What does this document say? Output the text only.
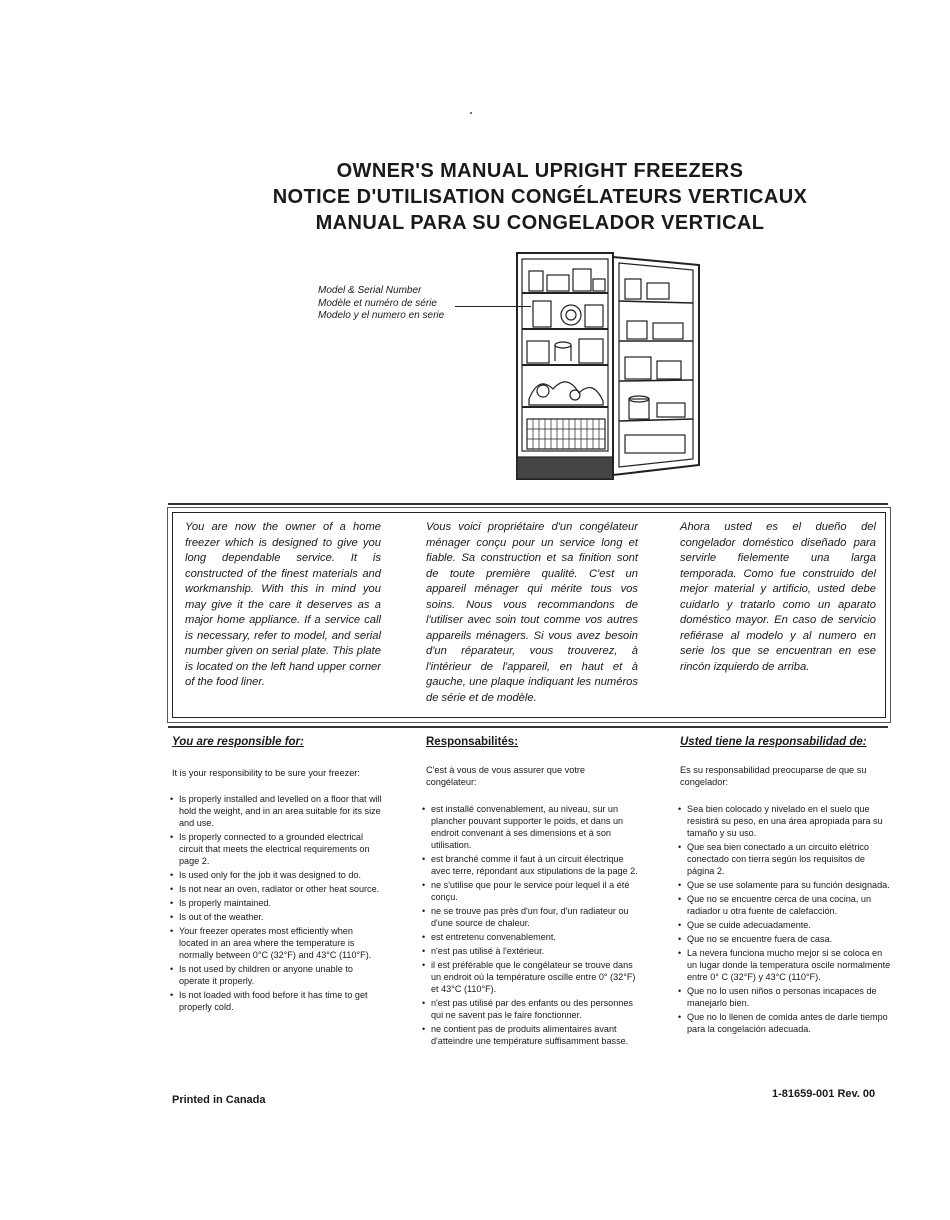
OWNER'S MANUAL UPRIGHT FREEZERS
NOTICE D'UTILISATION CONGÉLATEURS VERTICAUX
MANUAL PARA SU CONGELADOR VERTICAL
Model & Serial Number
Modèle et numéro de série
Modelo y el numero en serie
You are now the owner of a home freezer which is designed to give you long dependable service. It is constructed of the finest materials and workmanship. With this in mind you may give it the care it deserves as a major home appliance. If a service call is necessary, refer to model, and serial number given on serial plate. This plate is located on the left hand upper corner of the food liner.
Vous voici propriétaire d'un congélateur ménager conçu pour un service long et fiable. Sa construction et sa finition sont de toute première qualité. C'est un appareil ménager qui mérite tous vos soins. Nous vous recommandons de l'utiliser avec soin tout comme vos autres appareils ménagers. Si vous avez besoin d'un réparateur, vous trouverez, à l'intérieur de l'appareil, en haut et à gauche, une plaque indiquant les numéros de série et de modèle.
Ahora usted es el dueño del congelador doméstico diseñado para servirle fielemente una larga temporada. Como fue construido del mejor material y artificio, usted debe cuidarlo y tratarlo como un aparato doméstico mayor. En caso de servicio refiérase al modelo y al numero en serie los que se encuentran en ese rincón izquierdo de arriba.
You are responsible for:
It is your responsibility to be sure your freezer:
• Is properly installed and levelled on a floor that will hold the weight, and in an area suitable for its size and use.
• Is properly connected to a grounded electrical circuit that meets the electrical requirements on page 2.
• Is used only for the job it was designed to do.
• Is not near an oven, radiator or other heat source.
• Is properly maintained.
• Is out of the weather.
• Your freezer operates most efficiently when located in an area where the temperature is normally between 0°C (32°F) and 43°C (110°F).
• Is not used by children or anyone unable to operate it properly.
• Is not loaded with food before it has time to get properly cold.
Responsabilités:
C'est à vous de vous assurer que votre congélateur:
• est installé convenablement, au niveau, sur un plancher pouvant supporter le poids, et dans un endroit convenant à ses dimensions et à son utilisation.
• est branché comme il faut à un circuit électrique avec terre, répondant aux stipulations de la page 2.
• ne s'utilise que pour le service pour lequel il a été conçu.
• ne se trouve pas près d'un four, d'un radiateur ou d'une source de chaleur.
• est entretenu convenablement.
• n'est pas utilisé à l'extérieur.
• il est préférable que le congélateur se trouve dans un endroit où la température oscille entre 0° (32°F) et 43°C (110°F).
• n'est pas utilisé par des enfants ou des personnes qui ne savent pas le faire fonctionner.
• ne contient pas de produits alimentaires avant d'atteindre une température suffisamment basse.
Usted tiene la responsabilidad de:
Es su responsabilidad preocuparse de que su congelador:
• Sea bien colocado y nivelado en el suelo que resistirá su peso, en una área apropiada para su tamaño y su uso.
• Que sea bien conectado a un circuito elétrico conectado con tierra según los requisitos de página 2.
• Que se use solamente para su función designada.
• Que no se encuentre cerca de una cocina, un radiador u otra fuente de calefacción.
• Que se cuide adecuadamente.
• Que no se encuentre fuera de casa.
• La nevera funciona mucho mejor si se coloca en un lugar donde la temperatura oscile normalmente entre 0° C (32°F) y 43°C (110°F).
• Que no lo usen niños o personas incapaces de manejarlo bien.
• Que no lo llenen de comida antes de darle tiempo para la congelación adecuada.
Printed in Canada	1-81659-001 Rev. 00
